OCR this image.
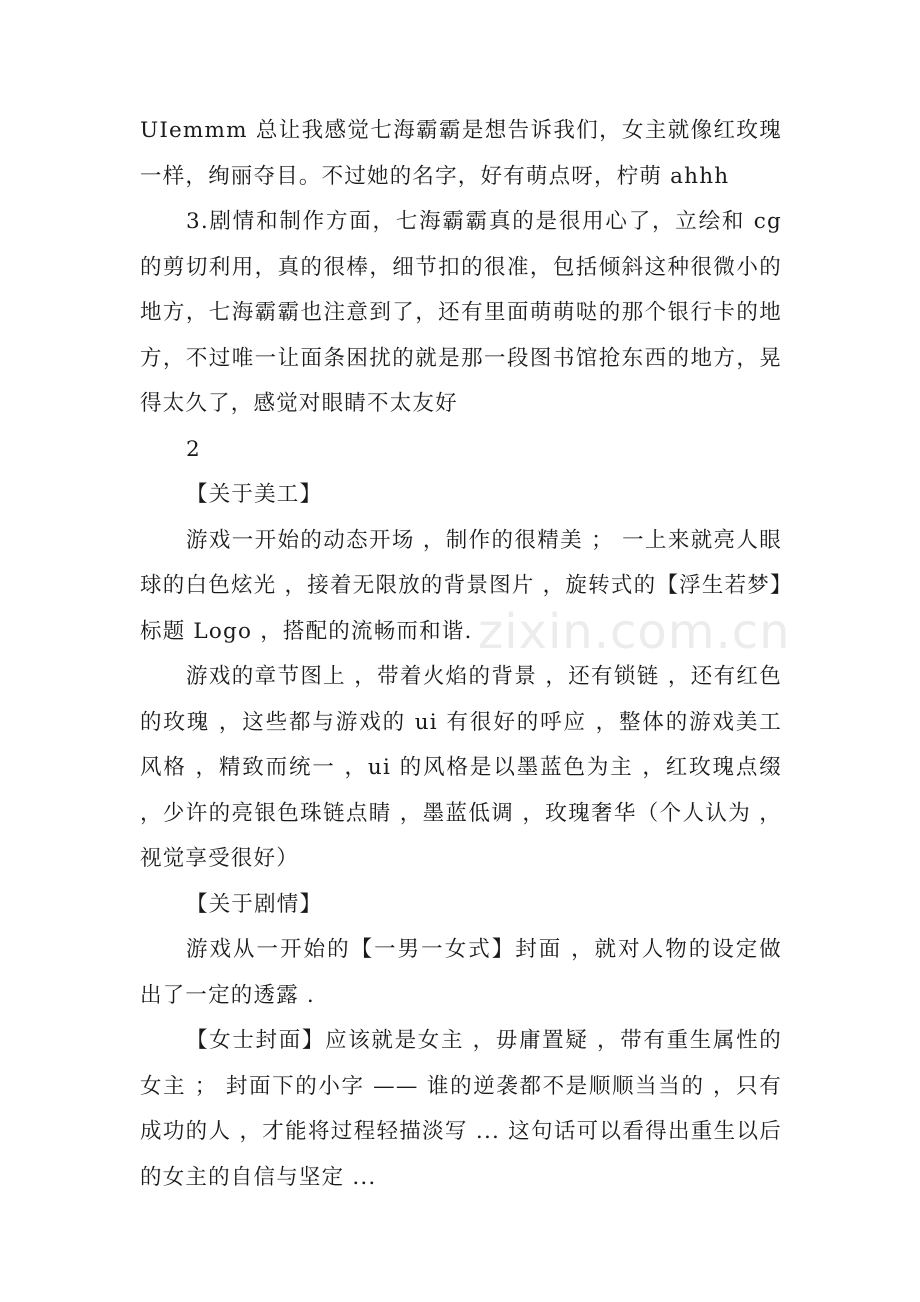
UIemmm 总让我感觉七海霸霸是想告诉我们，女主就像红玫瑰一样，绚丽夺目。不过她的名字，好有萌点呀，柠萌 ahhh

3.剧情和制作方面，七海霸霸真的是很用心了，立绘和 cg 的剪切利用，真的很棒，细节扣的很准，包括倾斜这种很微小的地方，七海霸霸也注意到了，还有里面萌萌哒的那个银行卡的地方，不过唯一让面条困扰的就是那一段图书馆抢东西的地方，晃得太久了，感觉对眼睛不太友好

2

【关于美工】

游戏一开始的动态开场 ，制作的很精美 ； 一上来就亮人眼球的白色炫光 ，接着无限放的背景图片 ，旋转式的【浮生若梦】标题 Logo ，搭配的流畅而和谐.

游戏的章节图上 ，带着火焰的背景 ，还有锁链 ，还有红色的玫瑰 ，这些都与游戏的 ui 有很好的呼应 ，整体的游戏美工风格 ，精致而统一 ，ui 的风格是以墨蓝色为主 ，红玫瑰点缀 ，少许的亮银色珠链点睛 ，墨蓝低调 ，玫瑰奢华（个人认为 ，视觉享受很好）

【关于剧情】

游戏从一开始的【一男一女式】封面 ，就对人物的设定做出了一定的透露 .

【女士封面】应该就是女主 ，毋庸置疑 ，带有重生属性的女主 ； 封面下的小字 —— 谁的逆袭都不是顺顺当当的 ，只有成功的人 ，才能将过程轻描淡写 ... 这句话可以看得出重生以后的女主的自信与坚定 ...

zixin.com.cn
